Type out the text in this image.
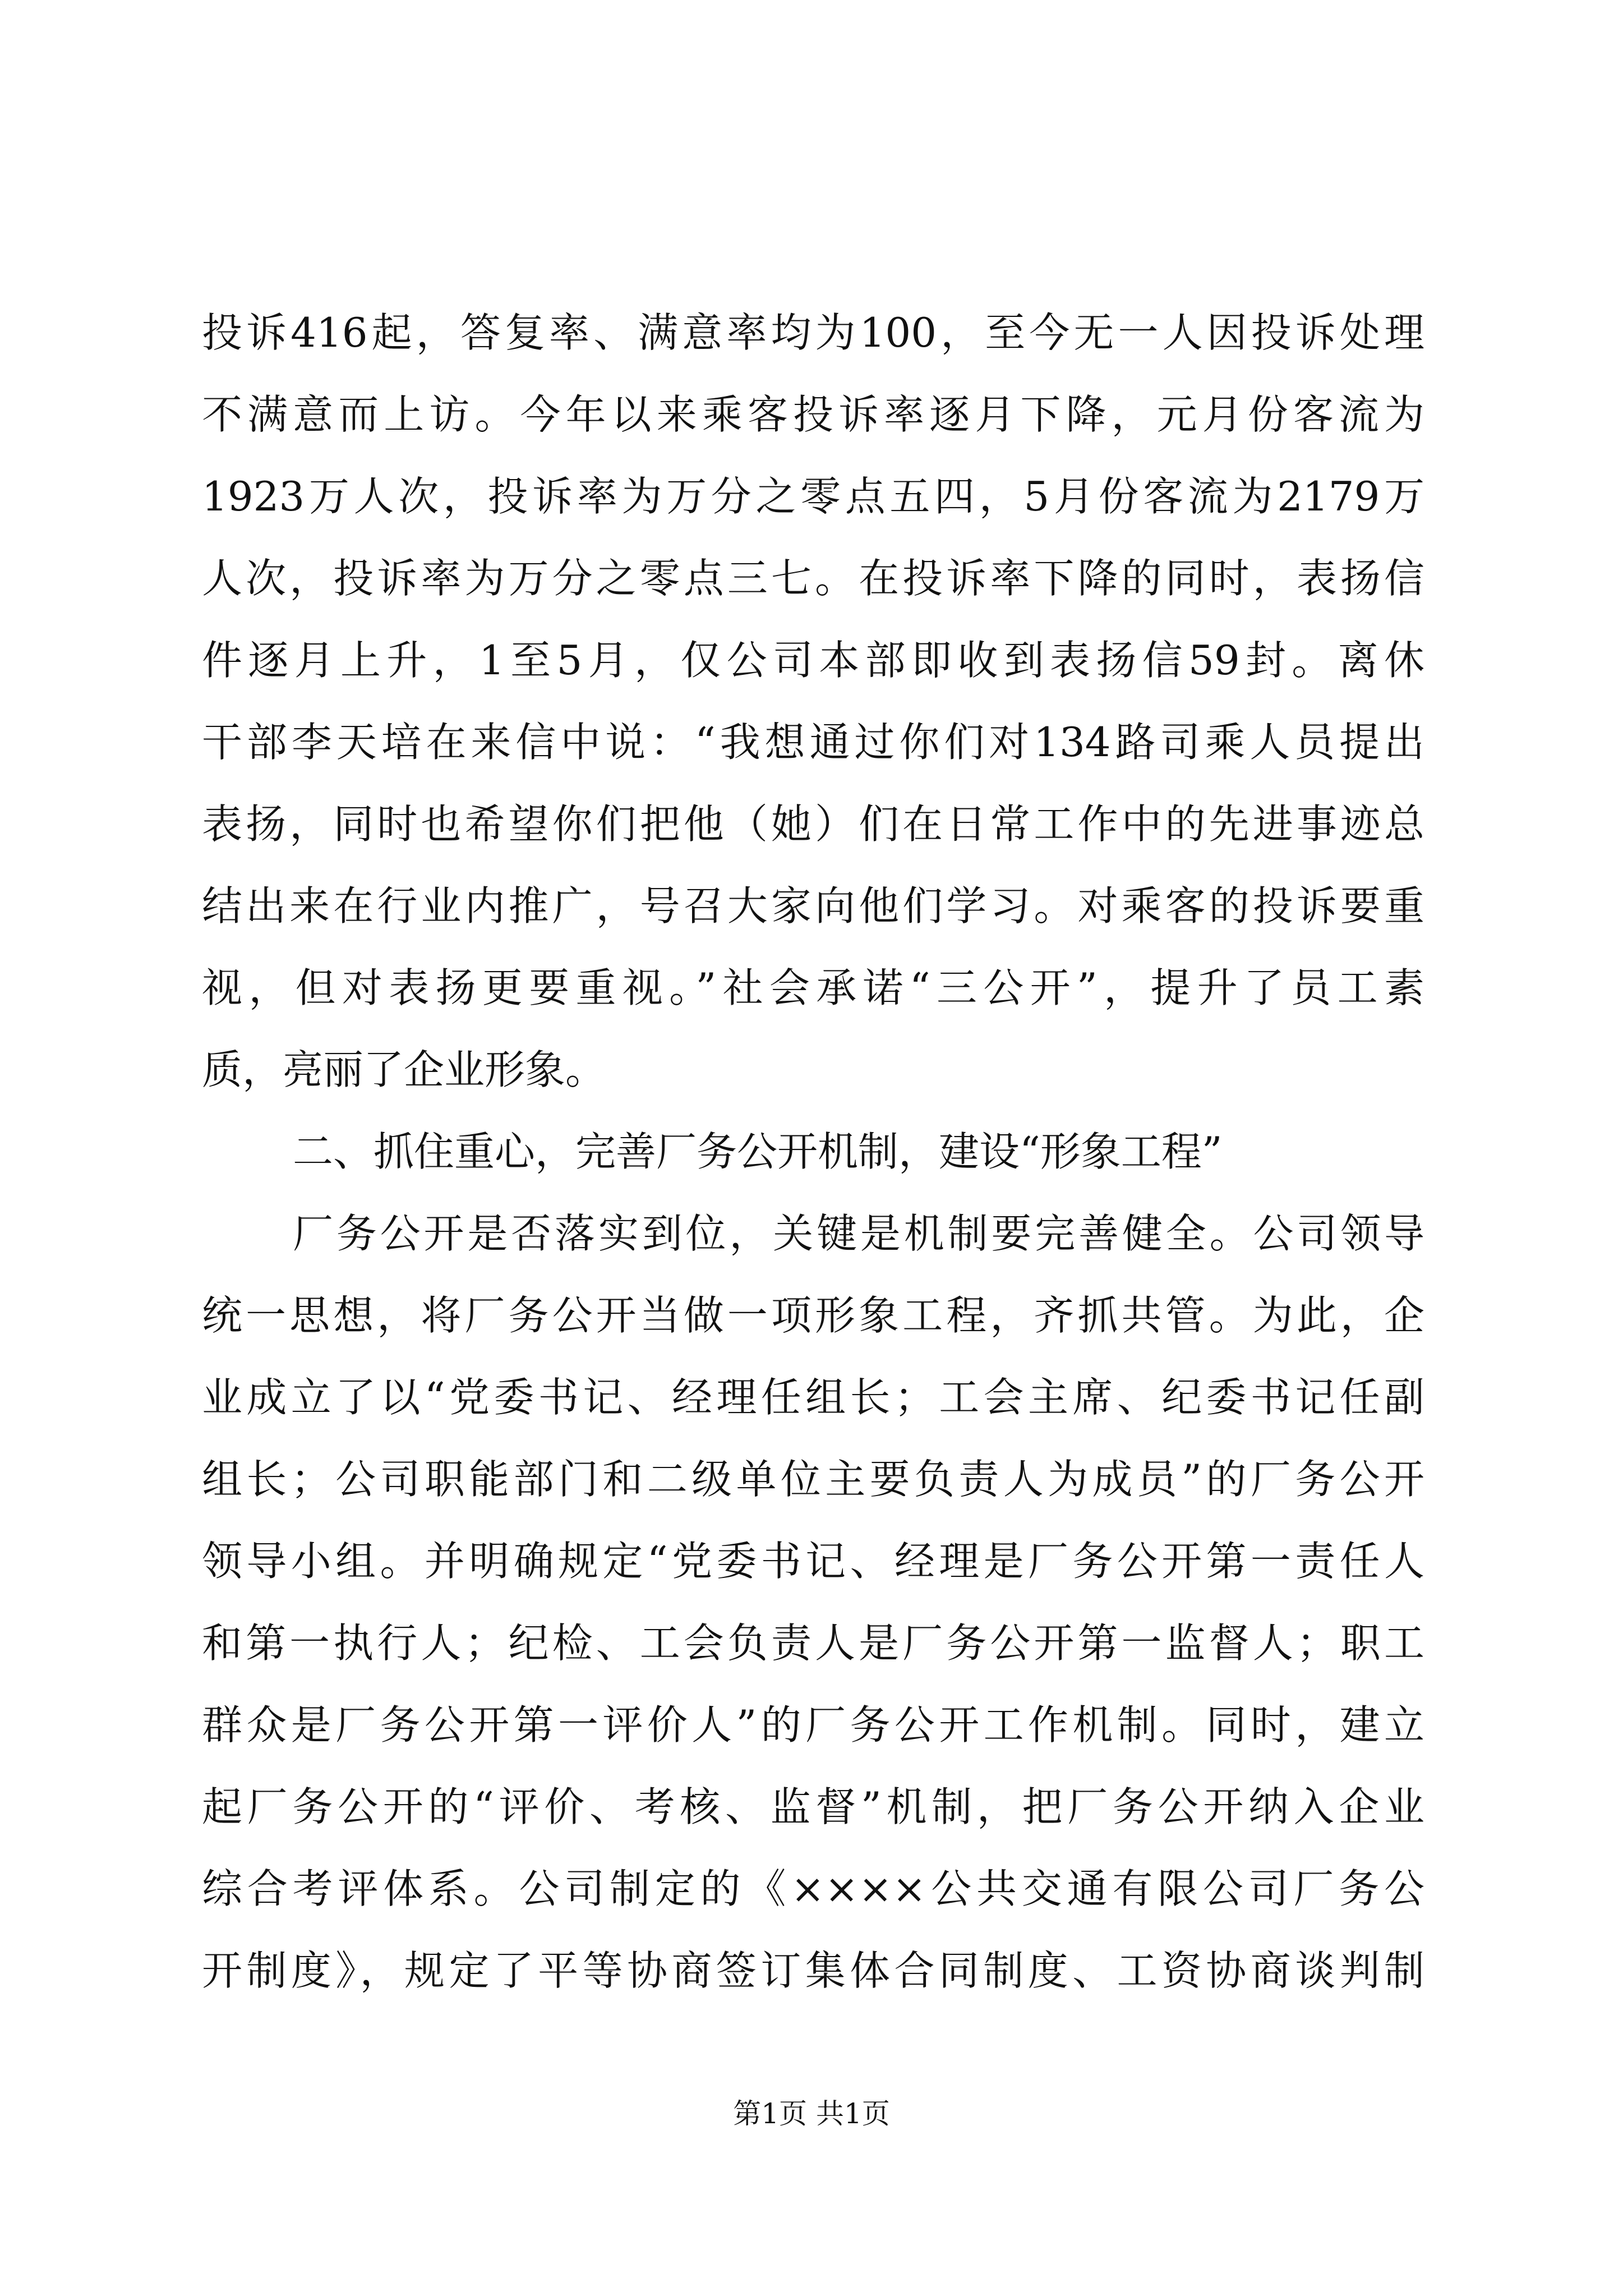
投诉416起，答复率、满意率均为100，至今无一人因投诉处理
不满意而上访。今年以来乘客投诉率逐月下降，元月份客流为
1923万人次，投诉率为万分之零点五四，5月份客流为2179万
人次，投诉率为万分之零点三七。在投诉率下降的同时，表扬信
件逐月上升，1至5月，仅公司本部即收到表扬信59封。离休
干部李天培在来信中说：“我想通过你们对134路司乘人员提出
表扬，同时也希望你们把他（她）们在日常工作中的先进事迹总
结出来在行业内推广，号召大家向他们学习。对乘客的投诉要重
视，但对表扬更要重视。”社会承诺“三公开”，提升了员工素
质，亮丽了企业形象。
二、抓住重心，完善厂务公开机制，建设“形象工程”
厂务公开是否落实到位，关键是机制要完善健全。公司领导
统一思想，将厂务公开当做一项形象工程，齐抓共管。为此，企
业成立了以“党委书记、经理任组长；工会主席、纪委书记任副
组长；公司职能部门和二级单位主要负责人为成员”的厂务公开
领导小组。并明确规定“党委书记、经理是厂务公开第一责任人
和第一执行人；纪检、工会负责人是厂务公开第一监督人；职工
群众是厂务公开第一评价人”的厂务公开工作机制。同时，建立
起厂务公开的“评价、考核、监督”机制，把厂务公开纳入企业
综合考评体系。公司制定的《××××公共交通有限公司厂务公
开制度》，规定了平等协商签订集体合同制度、工资协商谈判制
第1页 共1页
